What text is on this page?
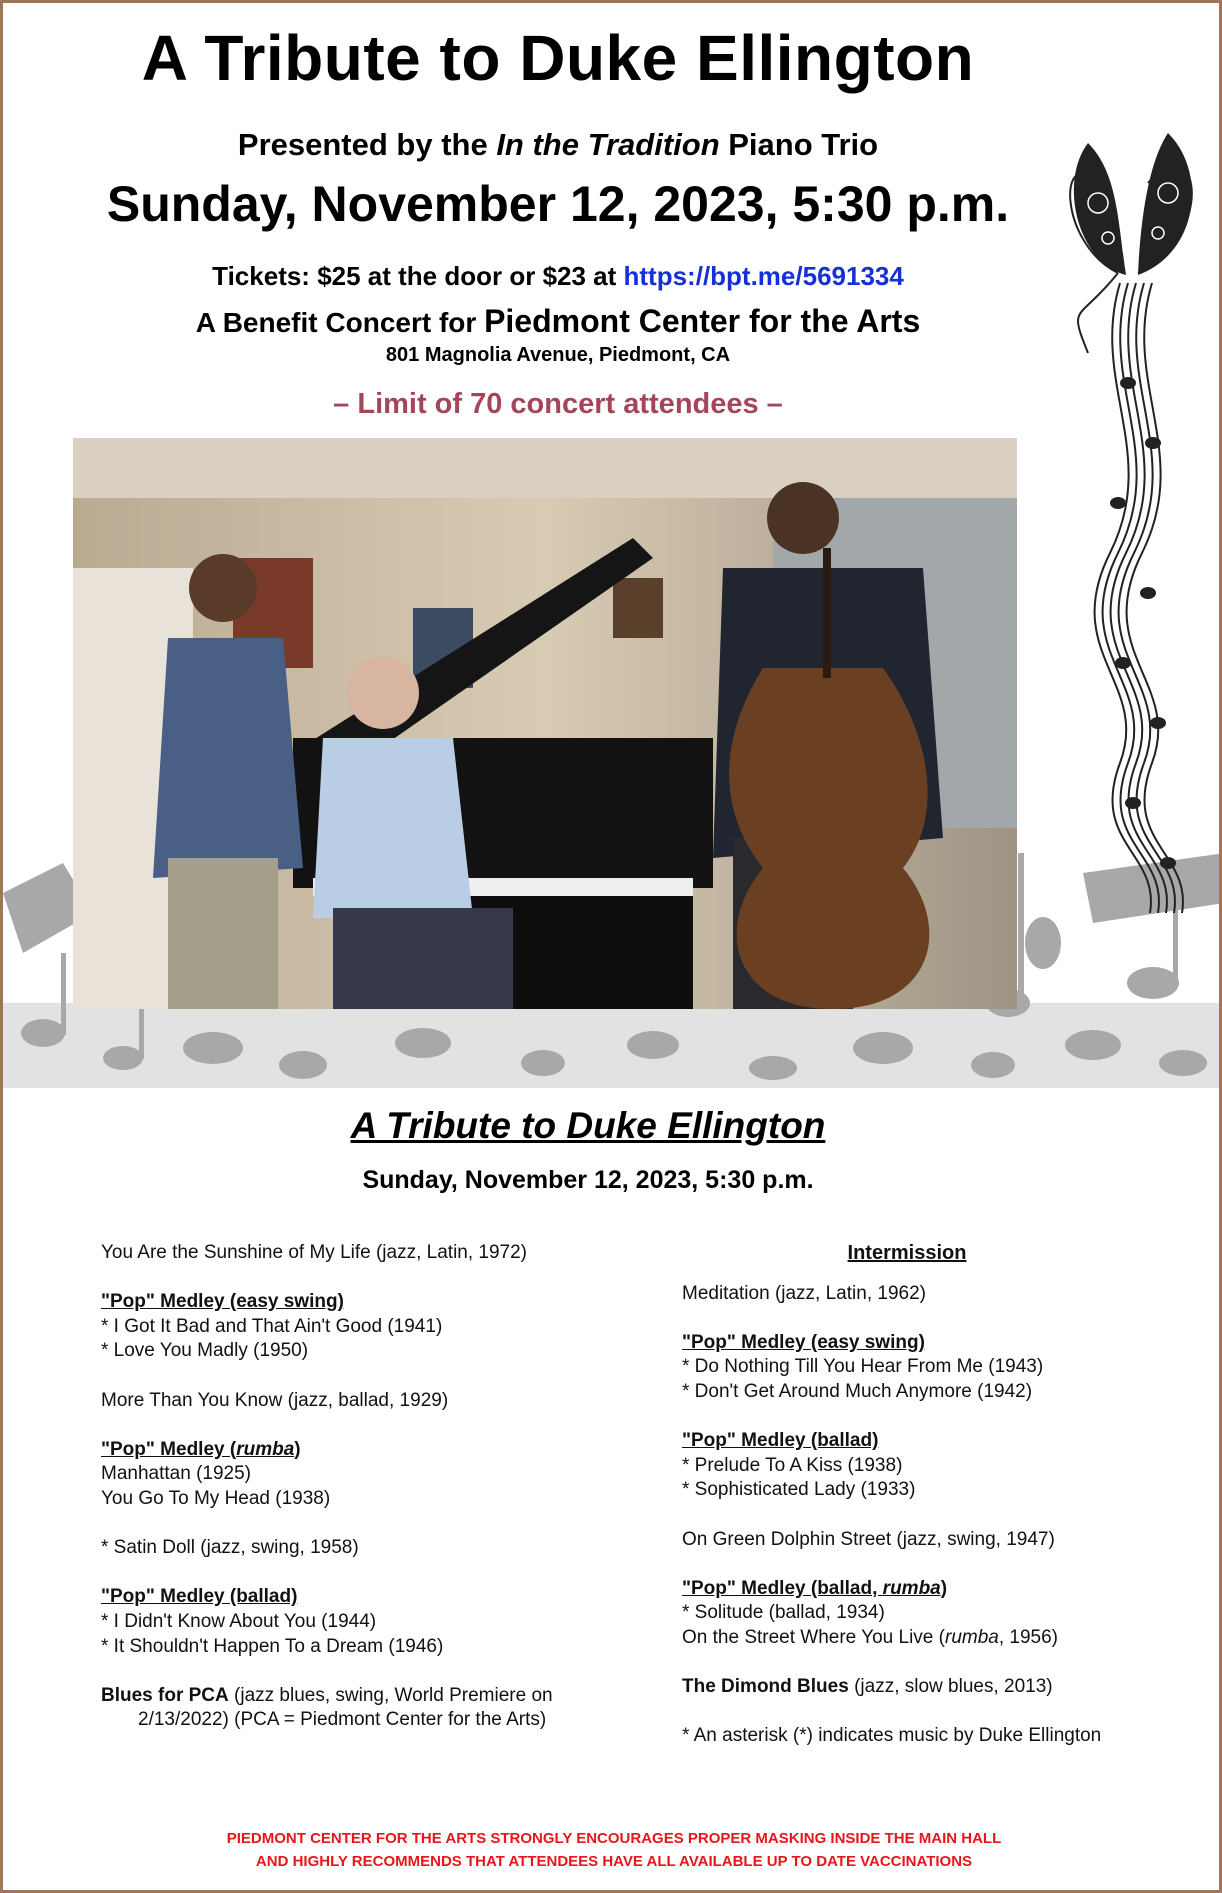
A Tribute to Duke Ellington
Presented by the In the Tradition Piano Trio
Sunday, November 12, 2023, 5:30 p.m.
Tickets: $25 at the door or $23 at https://bpt.me/5691334
A Benefit Concert for Piedmont Center for the Arts
801 Magnolia Avenue, Piedmont, CA
– Limit of 70 concert attendees –
A Tribute to Duke Ellington
Sunday, November 12, 2023, 5:30 p.m.
You Are the Sunshine of My Life (jazz, Latin, 1972)
"Pop" Medley (easy swing)
* I Got It Bad and That Ain't Good (1941)
* Love You Madly (1950)
More Than You Know (jazz, ballad, 1929)
"Pop" Medley (rumba)
Manhattan (1925)
You Go To My Head (1938)
* Satin Doll (jazz, swing, 1958)
"Pop" Medley (ballad)
* I Didn't Know About You (1944)
* It Shouldn't Happen To a Dream (1946)
Blues for PCA (jazz blues, swing, World Premiere on
2/13/2022) (PCA = Piedmont Center for the Arts)
Intermission
Meditation (jazz, Latin, 1962)
"Pop" Medley (easy swing)
* Do Nothing Till You Hear From Me (1943)
* Don't Get Around Much Anymore (1942)
"Pop" Medley (ballad)
* Prelude To A Kiss (1938)
* Sophisticated Lady (1933)
On Green Dolphin Street (jazz, swing, 1947)
"Pop" Medley (ballad, rumba)
* Solitude (ballad, 1934)
On the Street Where You Live (rumba, 1956)
The Dimond Blues (jazz, slow blues, 2013)
* An asterisk (*) indicates music by Duke Ellington
PIEDMONT CENTER FOR THE ARTS STRONGLY ENCOURAGES PROPER MASKING INSIDE THE MAIN HALL
AND HIGHLY RECOMMENDS THAT ATTENDEES HAVE ALL AVAILABLE UP TO DATE VACCINATIONS
